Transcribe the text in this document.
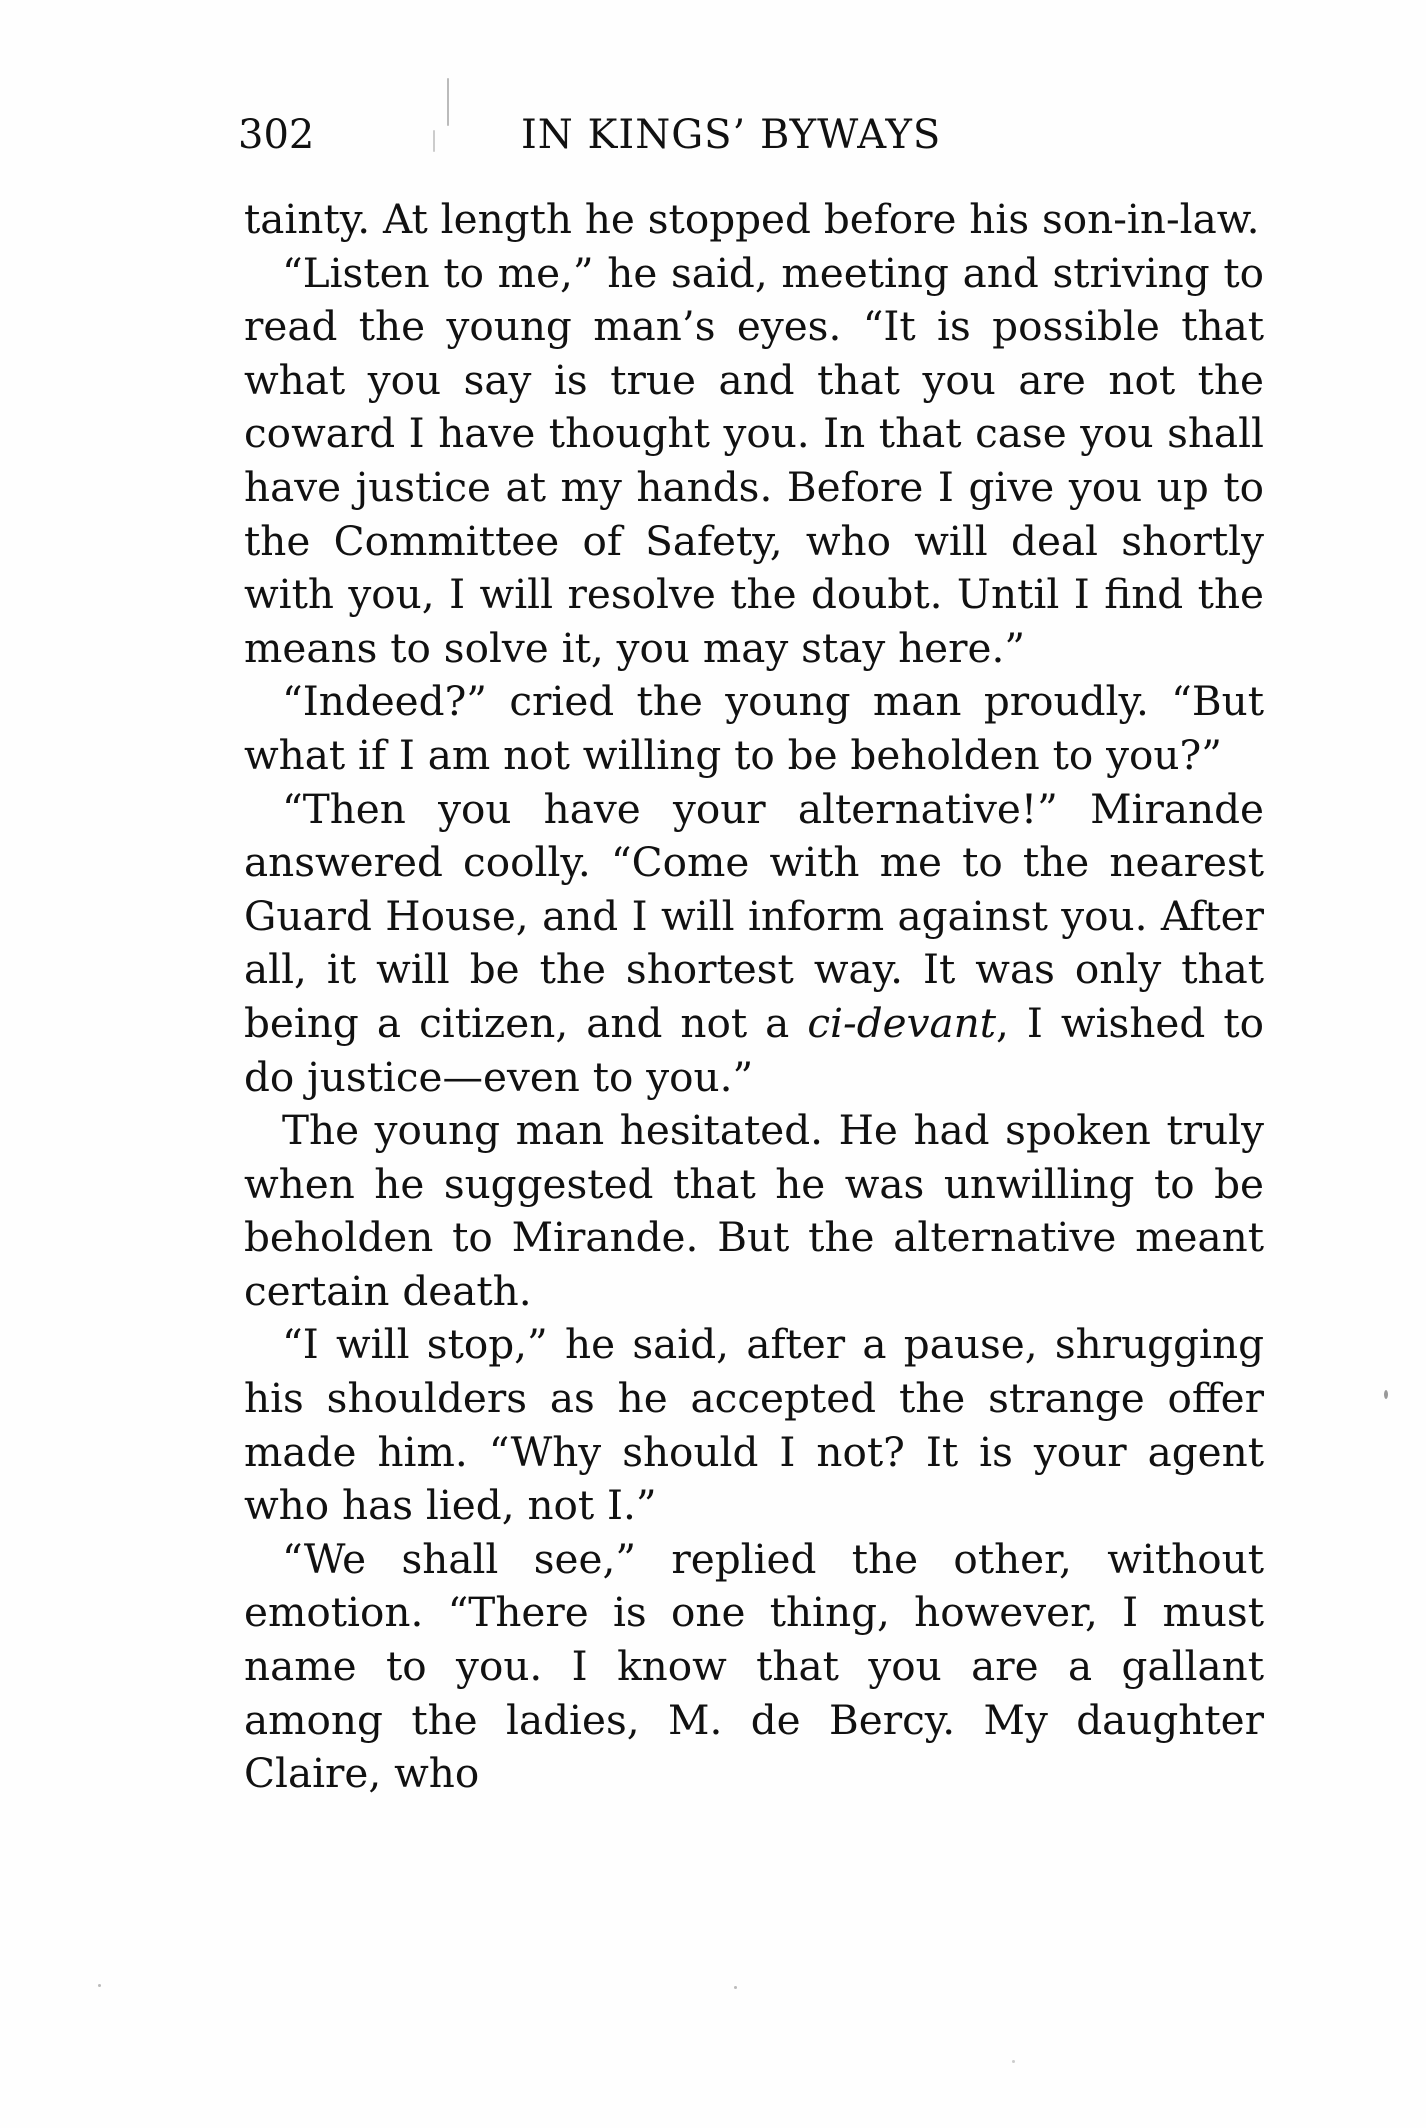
302	IN KINGS’ BYWAYS

tainty. At length he stopped before his son-in-law.

“Listen to me,” he said, meeting and striving to read the young man’s eyes. “It is possible that what you say is true and that you are not the coward I have thought you. In that case you shall have justice at my hands. Before I give you up to the Committee of Safety, who will deal shortly with you, I will resolve the doubt. Until I find the means to solve it, you may stay here.”

“Indeed?” cried the young man proudly. “But what if I am not willing to be beholden to you?”

“Then you have your alternative!” Mirande answered coolly. “Come with me to the nearest Guard House, and I will inform against you. After all, it will be the shortest way. It was only that being a citizen, and not a ci-devant, I wished to do justice—even to you.”

The young man hesitated. He had spoken truly when he suggested that he was unwilling to be beholden to Mirande. But the alternative meant certain death.

“I will stop,” he said, after a pause, shrugging his shoulders as he accepted the strange offer made him. “Why should I not? It is your agent who has lied, not I.”

“We shall see,” replied the other, without emotion. “There is one thing, however, I must name to you. I know that you are a gallant among the ladies, M. de Bercy. My daughter Claire, who
